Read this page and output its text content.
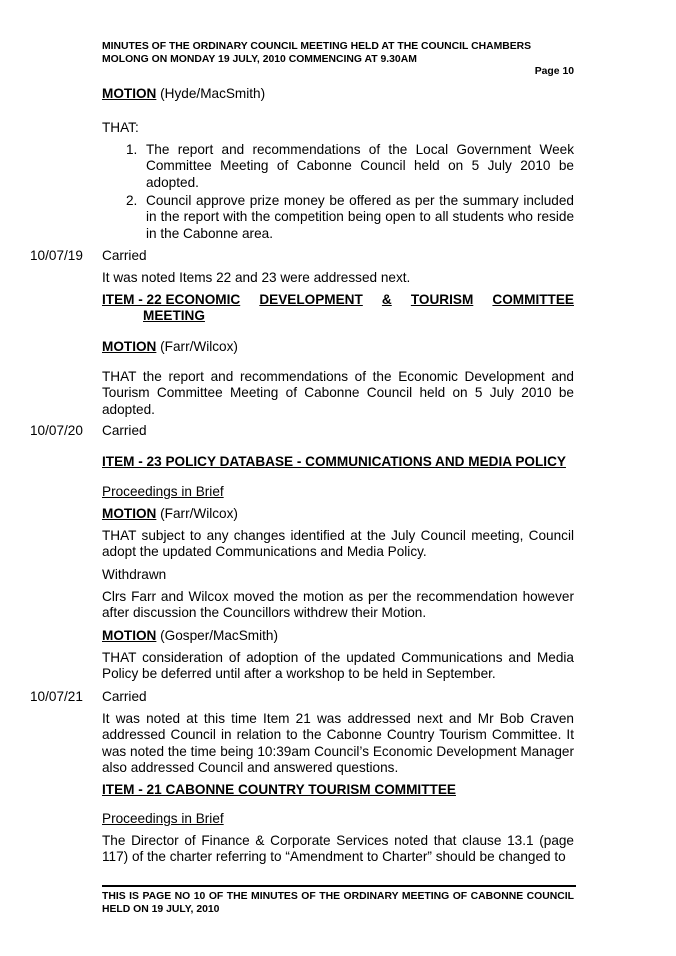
MINUTES OF THE ORDINARY COUNCIL MEETING HELD AT THE COUNCIL CHAMBERS MOLONG ON MONDAY 19 JULY, 2010 COMMENCING AT 9.30AM
Page 10
MOTION (Hyde/MacSmith)
THAT:
1. The report and recommendations of the Local Government Week Committee Meeting of Cabonne Council held on 5 July 2010 be adopted.
2. Council approve prize money be offered as per the summary included in the report with the competition being open to all students who reside in the Cabonne area.
10/07/19 Carried
It was noted Items 22 and 23 were addressed next.
ITEM - 22 ECONOMIC DEVELOPMENT & TOURISM COMMITTEE
MEETING
MOTION (Farr/Wilcox)
THAT the report and recommendations of the Economic Development and Tourism Committee Meeting of Cabonne Council held on 5 July 2010 be adopted.
10/07/20 Carried
ITEM - 23 POLICY DATABASE - COMMUNICATIONS AND MEDIA POLICY
Proceedings in Brief
MOTION (Farr/Wilcox)
THAT subject to any changes identified at the July Council meeting, Council adopt the updated Communications and Media Policy.
Withdrawn
Clrs Farr and Wilcox moved the motion as per the recommendation however after discussion the Councillors withdrew their Motion.
MOTION (Gosper/MacSmith)
THAT consideration of adoption of the updated Communications and Media Policy be deferred until after a workshop to be held in September.
10/07/21 Carried
It was noted at this time Item 21 was addressed next and Mr Bob Craven addressed Council in relation to the Cabonne Country Tourism Committee. It was noted the time being 10:39am Council’s Economic Development Manager also addressed Council and answered questions.
ITEM - 21 CABONNE COUNTRY TOURISM COMMITTEE
Proceedings in Brief
The Director of Finance & Corporate Services noted that clause 13.1 (page 117) of the charter referring to “Amendment to Charter” should be changed to
THIS IS PAGE NO 10 OF THE MINUTES OF THE ORDINARY MEETING OF CABONNE COUNCIL HELD ON 19 JULY, 2010
